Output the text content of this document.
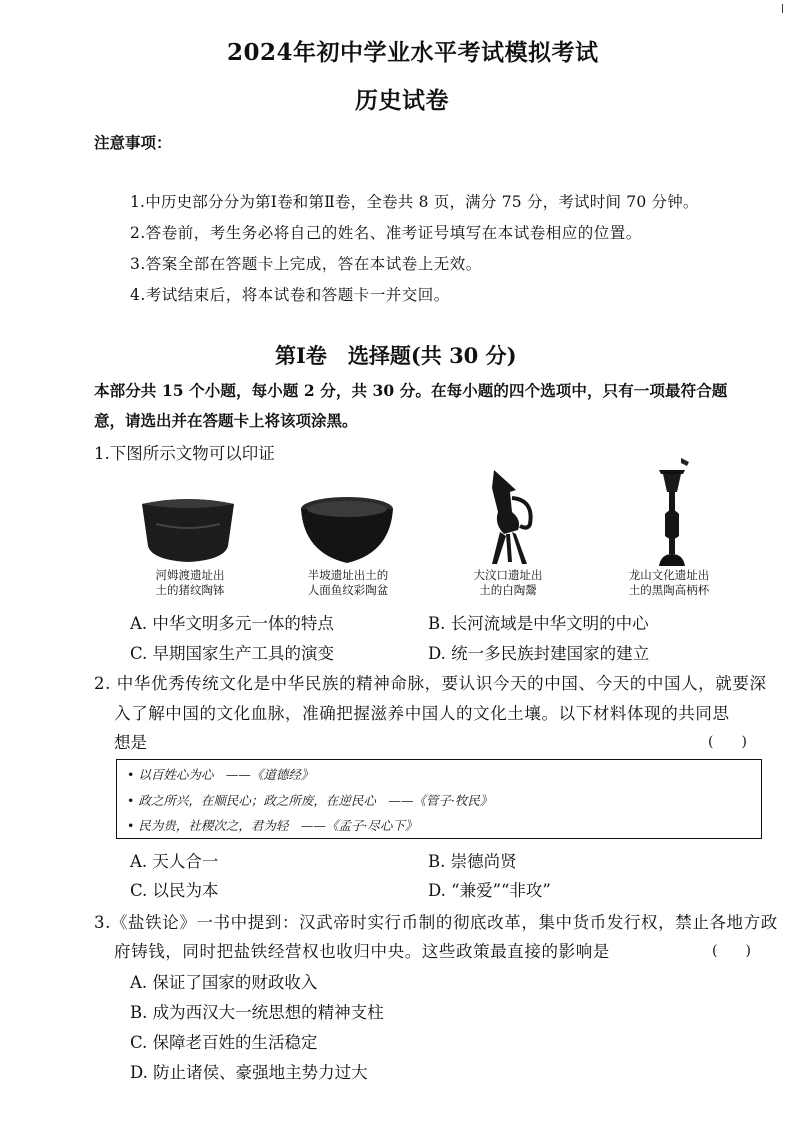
2024年初中学业水平考试模拟考试
历史试卷
注意事项：
1.中历史部分分为第Ⅰ卷和第Ⅱ卷，全卷共 8 页，满分 75 分，考试时间 70 分钟。
2.答卷前，考生务必将自己的姓名、准考证号填写在本试卷相应的位置。
3.答案全部在答题卡上完成，答在本试卷上无效。
4.考试结束后，将本试卷和答题卡一并交回。
第Ⅰ卷　选择题(共 30 分)
本部分共 15 个小题，每小题 2 分，共 30 分。在每小题的四个选项中，只有一项最符合题
意，请选出并在答题卡上将该项涂黑。
1.下图所示文物可以印证
河姆渡遗址出
土的猪纹陶钵
半坡遗址出土的
人面鱼纹彩陶盆
大汶口遗址出
土的白陶鬶
龙山文化遗址出
土的黑陶高柄杯
A. 中华文明多元一体的特点	B. 长河流域是中华文明的中心
C. 早期国家生产工具的演变	D. 统一多民族封建国家的建立
2. 中华优秀传统文化是中华民族的精神命脉，要认识今天的中国、今天的中国人，就要深
入了解中国的文化血脉，准确把握滋养中国人的文化土壤。以下材料体现的共同思
想是	(　　)
• 以百姓心为心　——《道德经》
• 政之所兴，在顺民心；政之所废，在逆民心　——《管子·牧民》
• 民为贵，社稷次之，君为轻　——《孟子·尽心下》
A. 天人合一	B. 崇德尚贤
C. 以民为本	D. “兼爱”“非攻”
3.《盐铁论》一书中提到：汉武帝时实行币制的彻底改革，集中货币发行权，禁止各地方政
府铸钱，同时把盐铁经营权也收归中央。这些政策最直接的影响是	(　　)
A. 保证了国家的财政收入
B. 成为西汉大一统思想的精神支柱
C. 保障老百姓的生活稳定
D. 防止诸侯、豪强地主势力过大
